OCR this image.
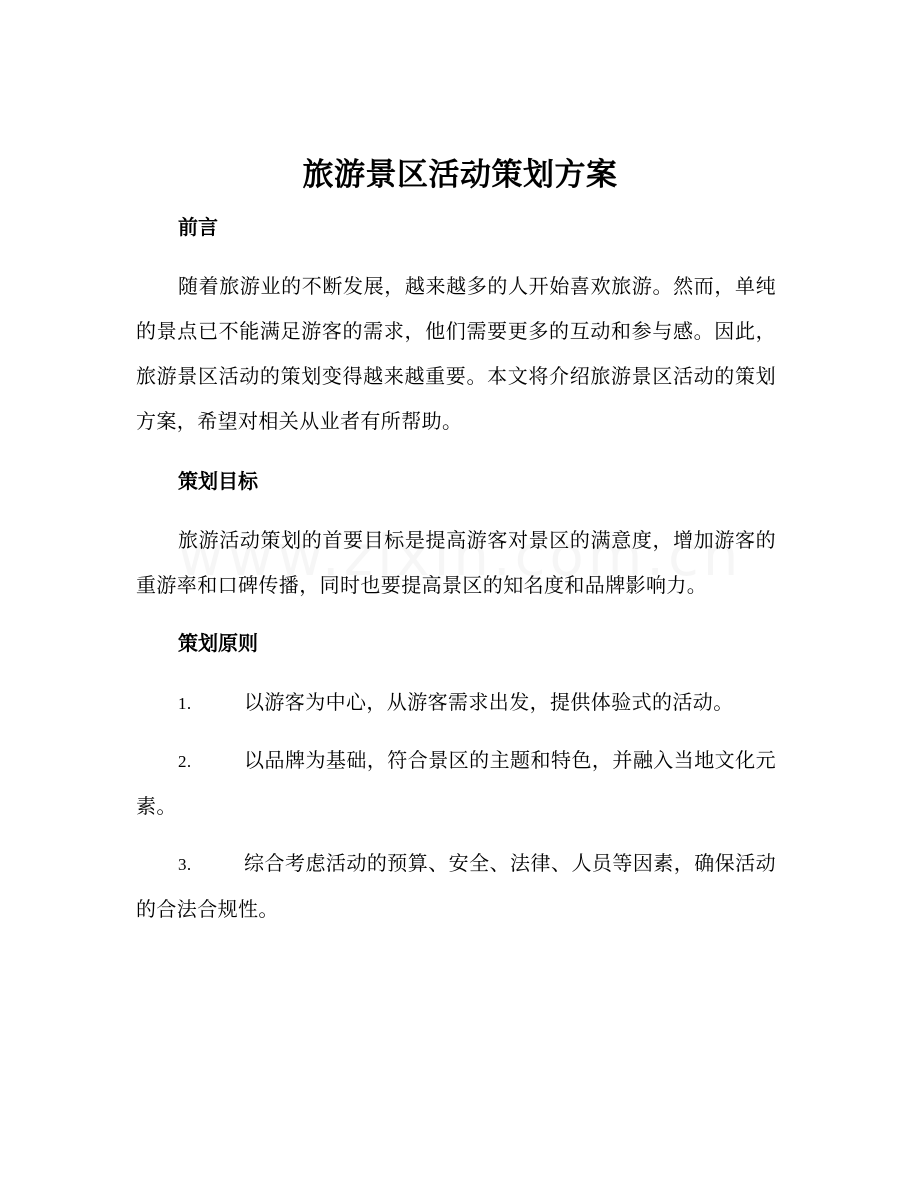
旅游景区活动策划方案
前言

随着旅游业的不断发展，越来越多的人开始喜欢旅游。然而，单纯的景点已不能满足游客的需求，他们需要更多的互动和参与感。因此，旅游景区活动的策划变得越来越重要。本文将介绍旅游景区活动的策划方案，希望对相关从业者有所帮助。

策划目标

旅游活动策划的首要目标是提高游客对景区的满意度，增加游客的重游率和口碑传播，同时也要提高景区的知名度和品牌影响力。

策划原则

1.	以游客为中心，从游客需求出发，提供体验式的活动。

2.	以品牌为基础，符合景区的主题和特色，并融入当地文化元素。

3.	综合考虑活动的预算、安全、法律、人员等因素，确保活动的合法合规性。
